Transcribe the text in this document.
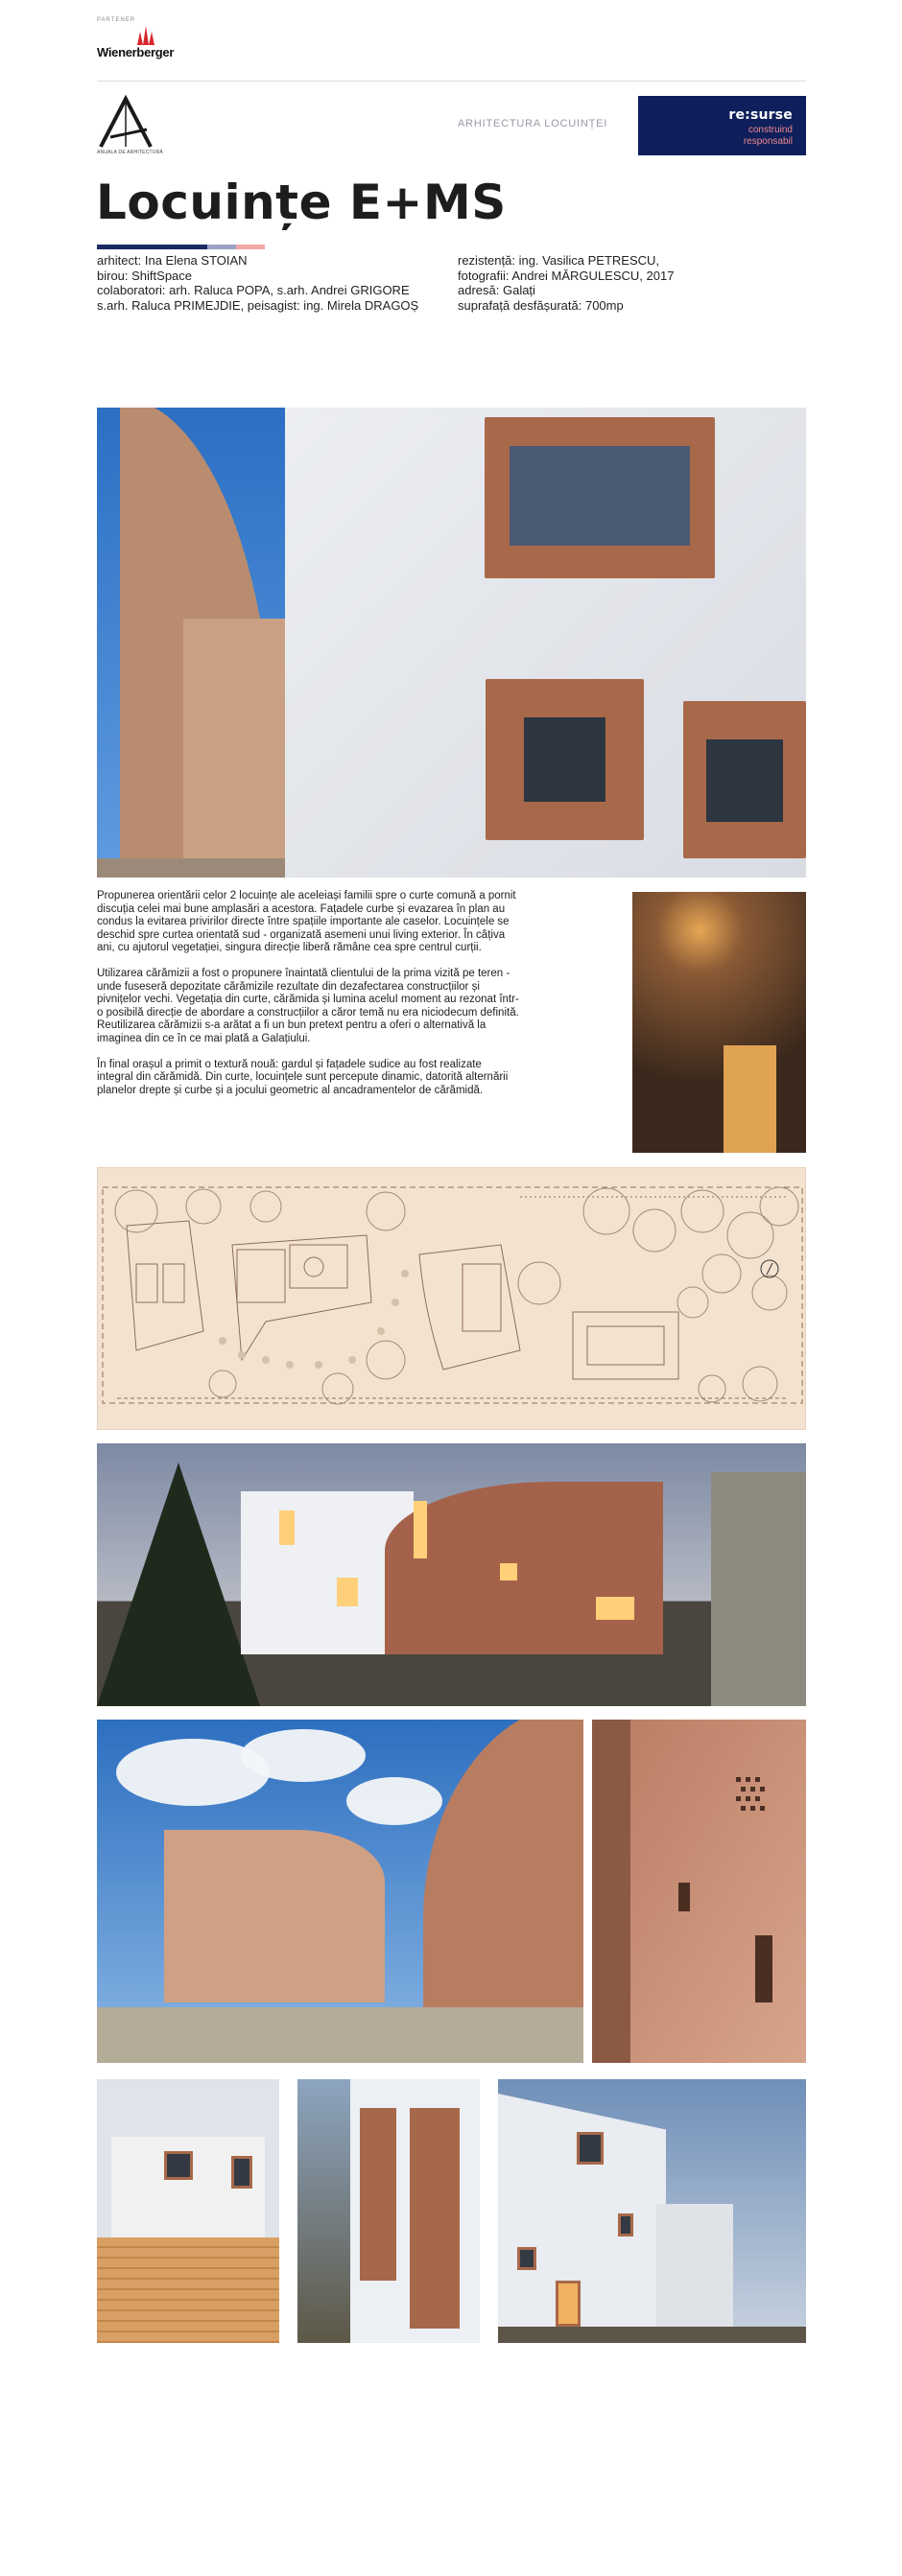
PARTENER
Wienerberger
ANUALA DE ARHITECTURĂ
ARHITECTURA LOCUINȚEI
re:surse
construind
responsabil
Locuințe E+MS
arhitect: Ina Elena STOIAN
birou: ShiftSpace
colaboratori: arh. Raluca POPA, s.arh. Andrei GRIGORE
s.arh. Raluca PRIMEJDIE, peisagist: ing. Mirela DRAGOȘ
rezistență: ing. Vasilica PETRESCU,
fotografii: Andrei MĂRGULESCU, 2017
adresă: Galați
suprafață desfășurată: 700mp

Propunerea orientării celor 2 locuințe ale aceleiași familii spre o curte comună a pornit discuția celei mai bune amplasări a acestora. Fațadele curbe și evazarea în plan au condus la evitarea privirilor directe între spațiile importante ale caselor. Locuințele se deschid spre curtea orientată sud - organizată asemeni unui living exterior. În câțiva ani, cu ajutorul vegetației, singura direcție liberă rămâne cea spre centrul curții.

Utilizarea cărămizii a fost o propunere înaintată clientului de la prima vizită pe teren - unde fuseseră depozitate cărămizile rezultate din dezafectarea construcțiilor și pivnițelor vechi. Vegetația din curte, cărămida și lumina aceluI moment au rezonat într-o posibilă direcție de abordare a construcțiilor a căror temă nu era niciodecum definită. Reutilizarea cărămizii s-a arătat a fi un bun pretext pentru a oferi o alternativă la imaginea din ce în ce mai plată a Galațiului.

În final orașul a primit o textură nouă: gardul și fațadele sudice au fost realizate integral din cărămidă. Din curte, locuințele sunt percepute dinamic, datorită alternării planelor drepte și curbe și a jocului geometric al ancadramentelor de cărămidă.
